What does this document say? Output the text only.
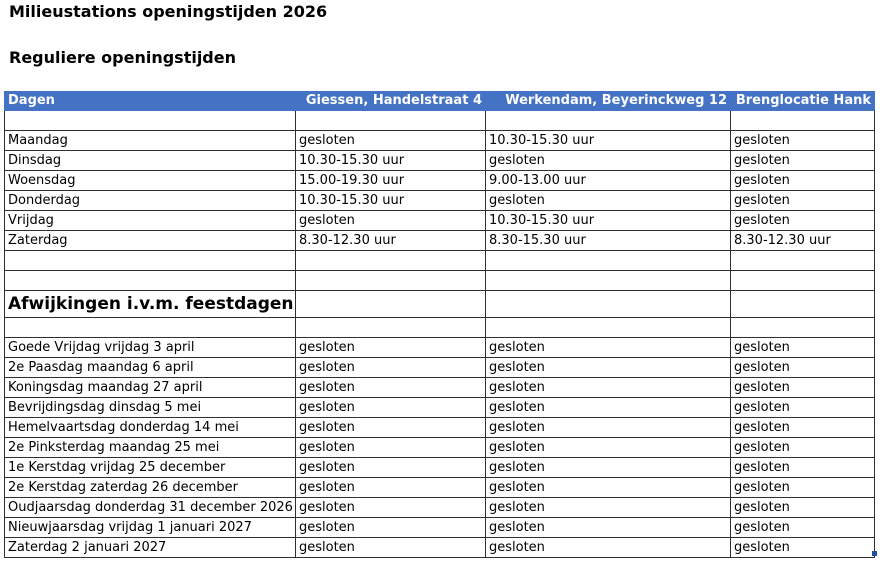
Milieustations openingstijden 2026
Reguliere openingstijden
Dagen	Giessen, Handelstraat 4	Werkendam, Beyerinckweg 12	Brenglocatie Hank

Maandag	gesloten	10.30-15.30 uur	gesloten
Dinsdag	10.30-15.30 uur	gesloten	gesloten
Woensdag	15.00-19.30 uur	9.00-13.00 uur	gesloten
Donderdag	10.30-15.30 uur	gesloten	gesloten
Vrijdag	gesloten	10.30-15.30 uur	gesloten
Zaterdag	8.30-12.30 uur	8.30-15.30 uur	8.30-12.30 uur

Afwijkingen i.v.m. feestdagen			

Goede Vrijdag vrijdag 3 april	gesloten	gesloten	gesloten
2e Paasdag maandag 6 april	gesloten	gesloten	gesloten
Koningsdag maandag 27 april	gesloten	gesloten	gesloten
Bevrijdingsdag dinsdag 5 mei	gesloten	gesloten	gesloten
Hemelvaartsdag donderdag 14 mei	gesloten	gesloten	gesloten
2e Pinksterdag maandag 25 mei	gesloten	gesloten	gesloten
1e Kerstdag vrijdag 25 december	gesloten	gesloten	gesloten
2e Kerstdag zaterdag 26 december	gesloten	gesloten	gesloten
Oudjaarsdag donderdag 31 december 2026	gesloten	gesloten	gesloten
Nieuwjaarsdag vrijdag 1 januari 2027	gesloten	gesloten	gesloten
Zaterdag 2 januari 2027	gesloten	gesloten	gesloten
